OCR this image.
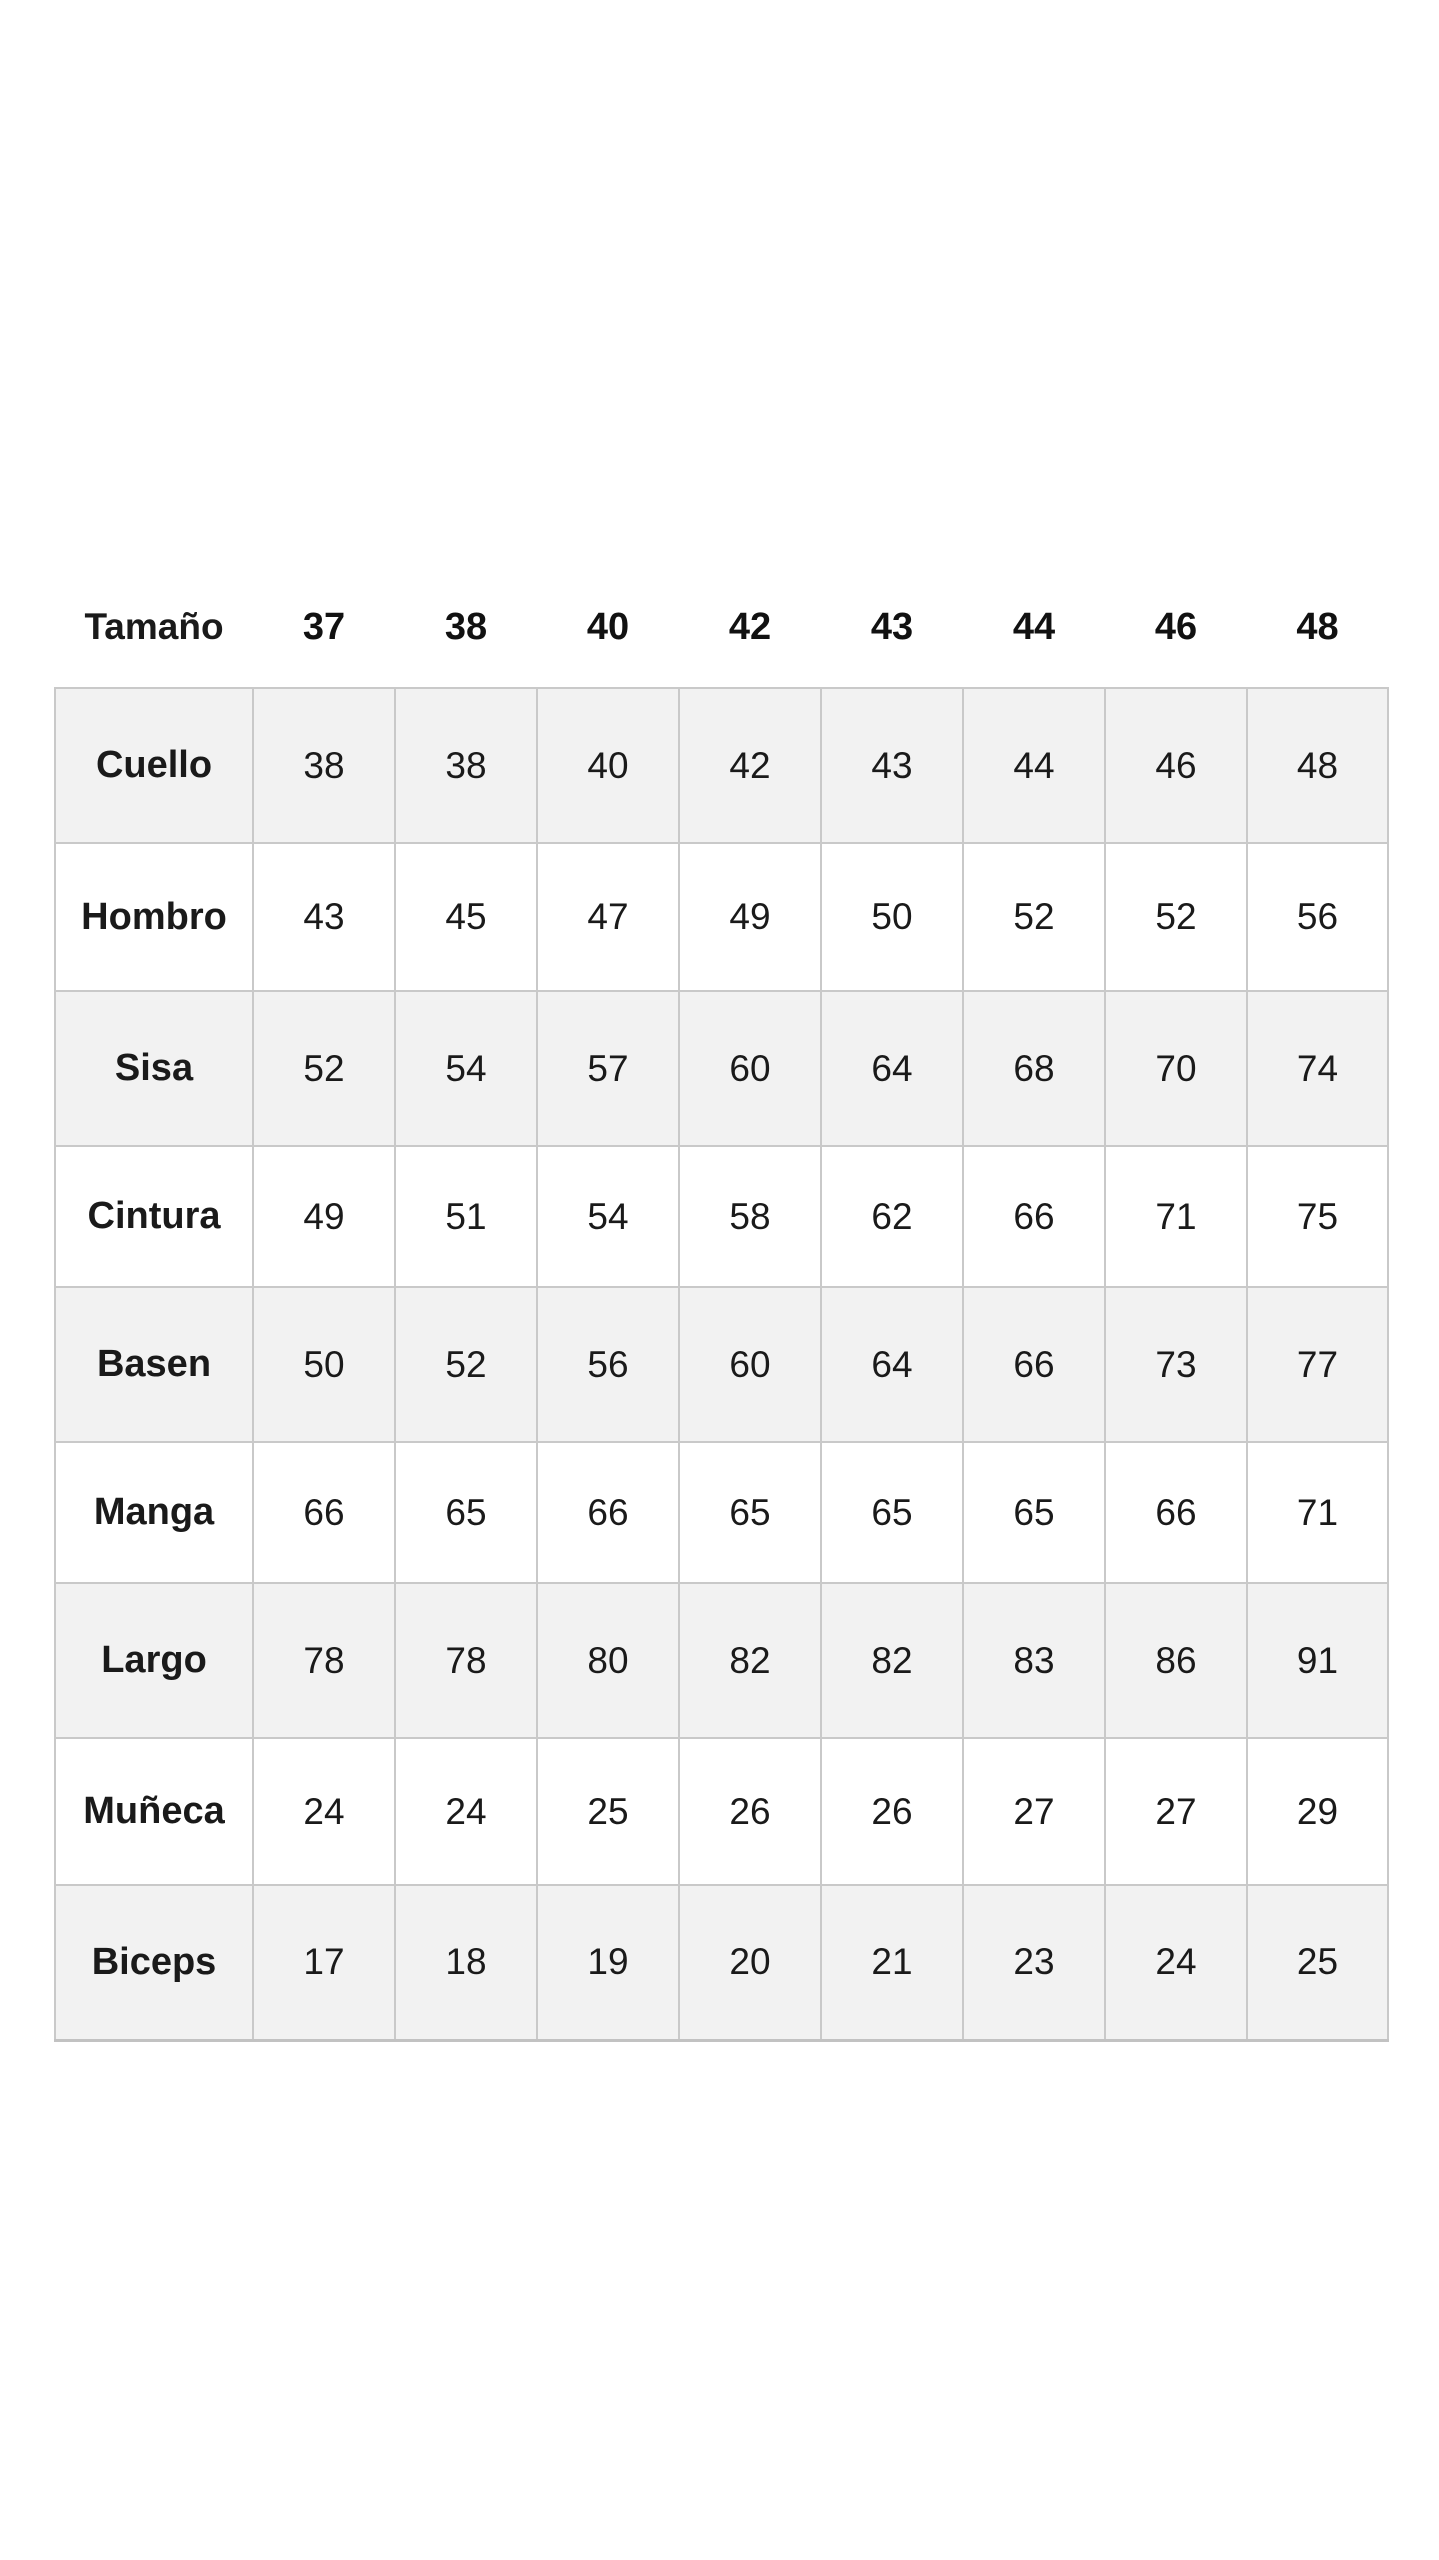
Tamaño	37	38	40	42	43	44	46	48
Cuello	38	38	40	42	43	44	46	48
Hombro	43	45	47	49	50	52	52	56
Sisa	52	54	57	60	64	68	70	74
Cintura	49	51	54	58	62	66	71	75
Basen	50	52	56	60	64	66	73	77
Manga	66	65	66	65	65	65	66	71
Largo	78	78	80	82	82	83	86	91
Muñeca	24	24	25	26	26	27	27	29
Biceps	17	18	19	20	21	23	24	25
